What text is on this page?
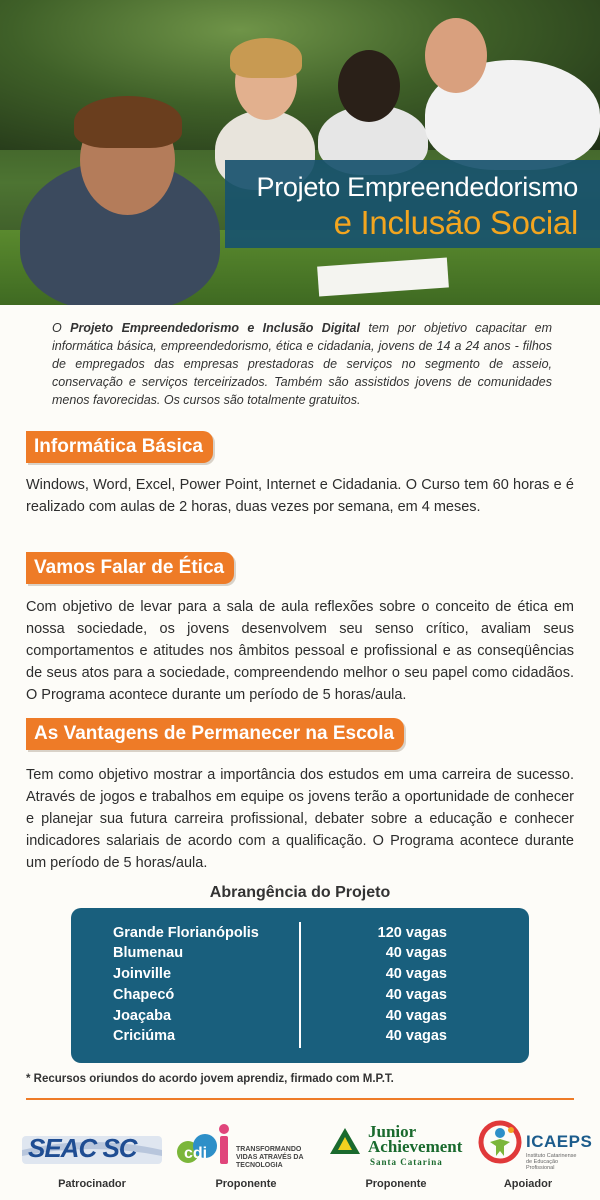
Projeto Empreendedorismo
e Inclusão Social
O Projeto Empreendedorismo e Inclusão Digital tem por objetivo capacitar em informática básica, empreendedorismo, ética e cidadania, jovens de 14 a 24 anos - filhos de empregados das empresas prestadoras de serviços no segmento de asseio, conservação e serviços terceirizados. Também são assistidos jovens de comunidades menos favorecidas. Os cursos são totalmente gratuitos.
Informática Básica
Windows, Word, Excel, Power Point, Internet e Cidadania. O Curso tem 60 horas e é realizado com aulas de 2 horas, duas vezes por semana, em 4 meses.
Vamos Falar de Ética
Com objetivo de levar para a sala de aula reflexões sobre o conceito de ética em nossa sociedade, os jovens desenvolvem seu senso crítico, avaliam seus comportamentos e atitudes nos âmbitos pessoal e profissional e as conseqüências de seus atos para a sociedade, compreendendo melhor o seu papel como cidadãos. O Programa acontece durante um período de 5 horas/aula.
As Vantagens de Permanecer na Escola
Tem como objetivo mostrar a importância dos estudos em uma carreira de sucesso. Através de jogos e trabalhos em equipe os jovens terão a oportunidade de conhecer e planejar sua futura carreira profissional, debater sobre a educação e conhecer indicadores salariais de acordo com a qualificação. O Programa acontece durante um período de 5 horas/aula.
Abrangência do Projeto
Grande Florianópolis	120 vagas
Blumenau	40 vagas
Joinville	40 vagas
Chapecó	40 vagas
Joaçaba	40 vagas
Criciúma	40 vagas
* Recursos oriundos do acordo jovem aprendiz, firmado com M.P.T.
SEAC SC
Patrocinador
cdi	TRANSFORMANDO VIDAS ATRAVÉS DA TECNOLOGIA
Proponente
Junior
Achievement
Santa Catarina
Proponente
ICAEPS
Instituto Catarinense de Educação Profissional
Apoiador
